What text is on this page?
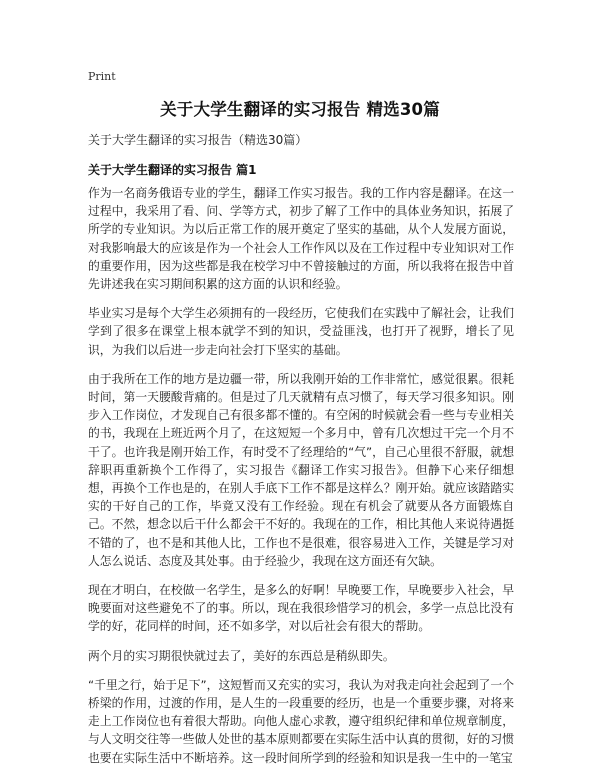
Print
关于大学生翻译的实习报告 精选30篇
关于大学生翻译的实习报告（精选30篇）
关于大学生翻译的实习报告 篇1

作为一名商务俄语专业的学生，翻译工作实习报告。我的工作内容是翻译。在这一过程中，我采用了看、问、学等方式，初步了解了工作中的具体业务知识，拓展了所学的专业知识。为以后正常工作的展开奠定了坚实的基础，从个人发展方面说，对我影响最大的应该是作为一个社会人工作作风以及在工作过程中专业知识对工作的重要作用，因为这些都是我在校学习中不曾接触过的方面，所以我将在报告中首先讲述我在实习期间积累的这方面的认识和经验。

毕业实习是每个大学生必须拥有的一段经历，它使我们在实践中了解社会，让我们学到了很多在课堂上根本就学不到的知识，受益匪浅，也打开了视野，增长了见识，为我们以后进一步走向社会打下坚实的基础。

由于我所在工作的地方是边疆一带，所以我刚开始的工作非常忙，感觉很累。很耗时间，第一天腰酸背痛的。但是过了几天就精有点习惯了，每天学习很多知识。刚步入工作岗位，才发现自己有很多都不懂的。有空闲的时候就会看一些与专业相关的书，我现在上班近两个月了，在这短短一个多月中，曾有几次想过干完一个月不干了。也许我是刚开始工作，有时受不了经理给的“气”，自己心里很不舒服，就想辞职再重新换个工作得了，实习报告《翻译工作实习报告》。但静下心来仔细想想，再换个工作也是的，在别人手底下工作不都是这样么？刚开始。就应该踏踏实实的干好自己的工作，毕竟又没有工作经验。现在有机会了就要从各方面锻炼自己。不然，想念以后干什么都会干不好的。我现在的工作，相比其他人来说待遇挺不错的了，也不是和其他人比，工作也不是很难，很容易进入工作，关键是学习对人怎么说话、态度及其处事。由于经验少，我现在这方面还有欠缺。

现在才明白，在校做一名学生，是多么的好啊！早晚要工作，早晚要步入社会，早晚要面对这些避免不了的事。所以，现在我很珍惜学习的机会，多学一点总比没有学的好，花同样的时间，还不如多学，对以后社会有很大的帮助。

两个月的实习期很快就过去了，美好的东西总是稍纵即失。

“千里之行，始于足下”，这短暂而又充实的实习，我认为对我走向社会起到了一个桥梁的作用，过渡的作用，是人生的一段重要的经历，也是一个重要步骤，对将来走上工作岗位也有着很大帮助。向他人虚心求教，遵守组织纪律和单位规章制度，与人文明交往等一些做人处世的基本原则都要在实际生活中认真的贯彻，好的习惯也要在实际生活中不断培养。这一段时间所学到的经验和知识是我一生中的一笔宝
